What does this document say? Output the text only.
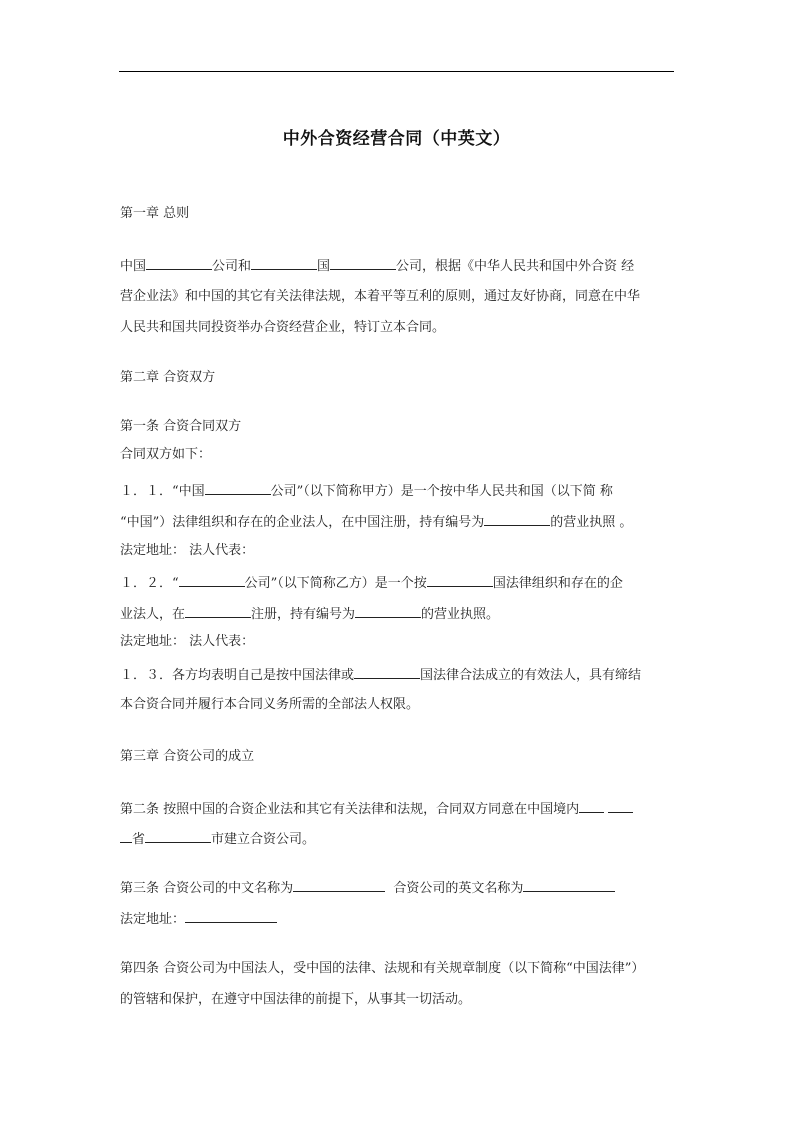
中外合资经营合同（中英文）
第一章 总则
中国	公司和	国	公司，根据《中华人民共和国中外合资 经
营企业法》和中国的其它有关法律法规，本着平等互利的原则，通过友好协商，同意在中华
人民共和国共同投资举办合资经营企业，特订立本合同。
第二章 合资双方
第一条 合资合同双方
合同双方如下：
１．１．“中国	公司”（以下简称甲方）是一个按中华人民共和国（以下简 称
“中国”）法律组织和存在的企业法人，在中国注册，持有编号为	的营业执照 。
法定地址： 法人代表：
１．２．“	公司”（以下简称乙方）是一个按	国法律组织和存在的企
业法人，在	注册，持有编号为	的营业执照。
法定地址： 法人代表：
１．３．各方均表明自己是按中国法律或	国法律合法成立的有效法人，具有缔结
本合资合同并履行本合同义务所需的全部法人权限。
第三章 合资公司的成立
第二条 按照中国的合资企业法和其它有关法律和法规，合同双方同意在中国境内
省	市建立合资公司。
第三条 合资公司的中文名称为	合资公司的英文名称为
法定地址：
第四条 合资公司为中国法人，受中国的法律、法规和有关规章制度（以下简称“中国法律”）
的管辖和保护，在遵守中国法律的前提下，从事其一切活动。
